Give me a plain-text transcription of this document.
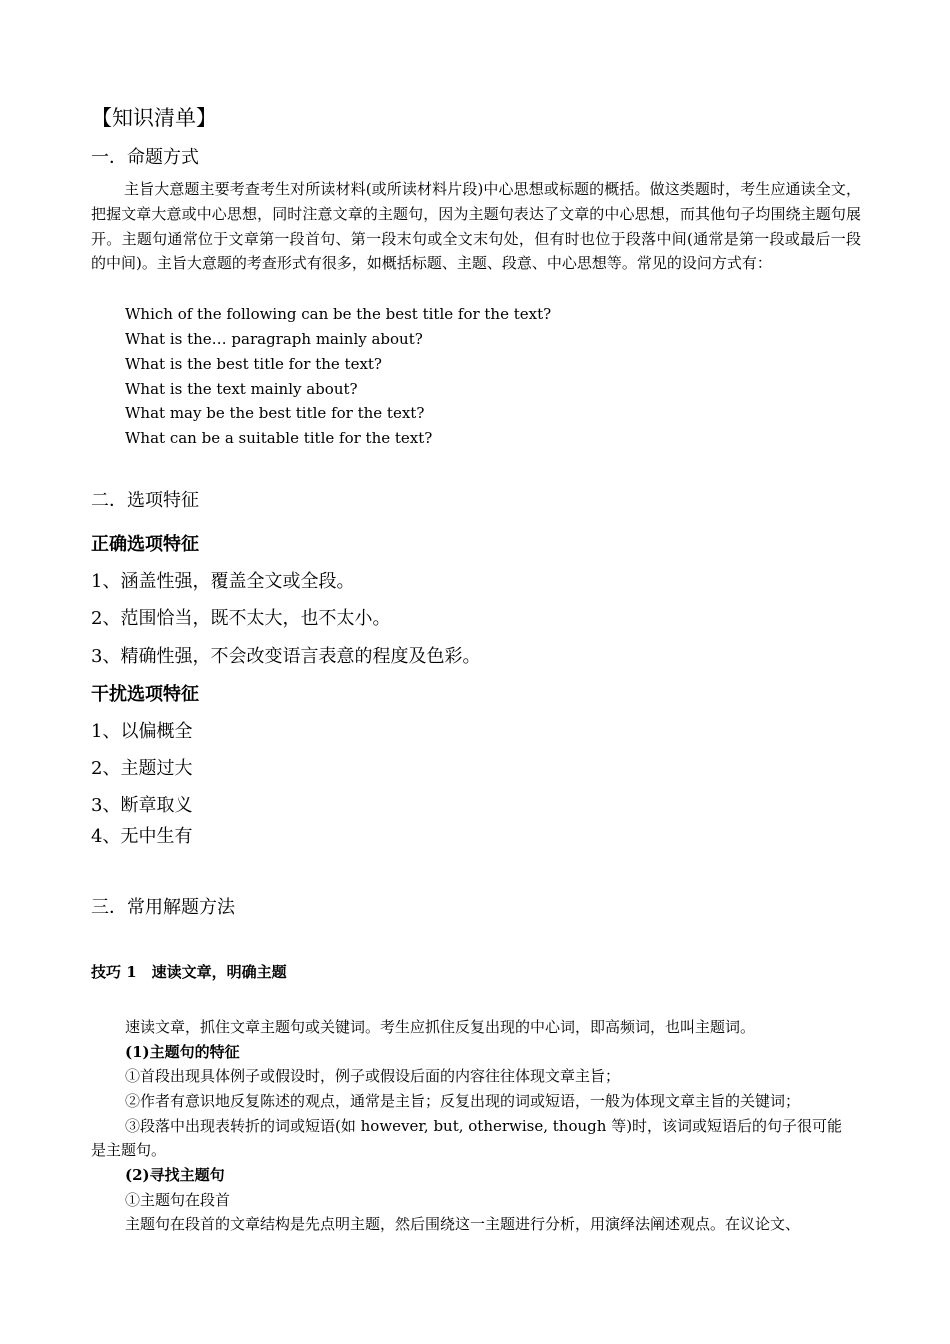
【知识清单】
一．命题方式
主旨大意题主要考查考生对所读材料(或所读材料片段)中心思想或标题的概括。做这类题时，考生应通读全文，把握文章大意或中心思想，同时注意文章的主题句，因为主题句表达了文章的中心思想，而其他句子均围绕主题句展开。主题句通常位于文章第一段首句、第一段末句或全文末句处，但有时也位于段落中间(通常是第一段或最后一段的中间)。主旨大意题的考查形式有很多，如概括标题、主题、段意、中心思想等。常见的设问方式有：
Which of the following can be the best title for the text?
What is the… paragraph mainly about?
What is the best title for the text?
What is the text mainly about?
What may be the best title for the text?
What can be a suitable title for the text?
二．选项特征
正确选项特征
1、涵盖性强，覆盖全文或全段。
2、范围恰当，既不太大，也不太小。
3、精确性强，不会改变语言表意的程度及色彩。
干扰选项特征
1、以偏概全
2、主题过大
3、断章取义
4、无中生有
三．常用解题方法
技巧 1　速读文章，明确主题
速读文章，抓住文章主题句或关键词。考生应抓住反复出现的中心词，即高频词，也叫主题词。
(1)主题句的特征
①首段出现具体例子或假设时，例子或假设后面的内容往往体现文章主旨；
②作者有意识地反复陈述的观点，通常是主旨；反复出现的词或短语，一般为体现文章主旨的关键词；
③段落中出现表转折的词或短语(如 however, but, otherwise, though 等)时，该词或短语后的句子很可能
是主题句。
(2)寻找主题句
①主题句在段首
主题句在段首的文章结构是先点明主题，然后围绕这一主题进行分析，用演绎法阐述观点。在议论文、
